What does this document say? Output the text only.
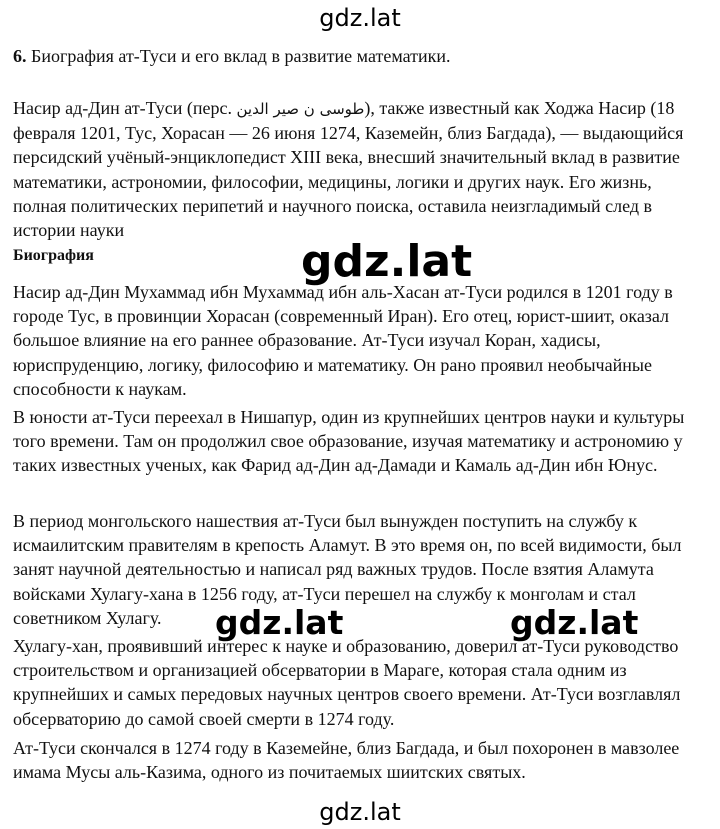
gdz.lat
6. Биография ат-Туси и его вклад в развитие математики.

Насир ад-Дин ат-Туси (перс. طوسی ن صیر الدین), также известный как Ходжа Насир (18 февраля 1201, Тус, Хорасан — 26 июня 1274, Каземейн, близ Багдада), — выдающийся персидский учёный-энциклопедист XIII века, внесший значительный вклад в развитие математики, астрономии, философии, медицины, логики и других наук. Его жизнь, полная политических перипетий и научного поиска, оставила неизгладимый след в истории науки

Биография

Насир ад-Дин Мухаммад ибн Мухаммад ибн аль-Хасан ат-Туси родился в 1201 году в городе Тус, в провинции Хорасан (современный Иран). Его отец, юрист-шиит, оказал большое влияние на его раннее образование. Ат-Туси изучал Коран, хадисы, юриспруденцию, логику, философию и математику. Он рано проявил необычайные способности к наукам.

В юности ат-Туси переехал в Нишапур, один из крупнейших центров науки и культуры того времени. Там он продолжил свое образование, изучая математику и астрономию у таких известных ученых, как Фарид ад-Дин ад-Дамади и Камаль ад-Дин ибн Юнус.

В период монгольского нашествия ат-Туси был вынужден поступить на службу к исмаилитским правителям в крепость Аламут. В это время он, по всей видимости, был занят научной деятельностью и написал ряд важных трудов. После взятия Аламута войсками Хулагу-хана в 1256 году, ат-Туси перешел на службу к монголам и стал советником Хулагу.

Хулагу-хан, проявивший интерес к науке и образованию, доверил ат-Туси руководство строительством и организацией обсерватории в Мараге, которая стала одним из крупнейших и самых передовых научных центров своего времени. Ат-Туси возглавлял обсерваторию до самой своей смерти в 1274 году.

Ат-Туси скончался в 1274 году в Каземейне, близ Багдада, и был похоронен в мавзолее имама Мусы аль-Казима, одного из почитаемых шиитских святых.

gdz.lat
gdz.lat	gdz.lat
gdz.lat
